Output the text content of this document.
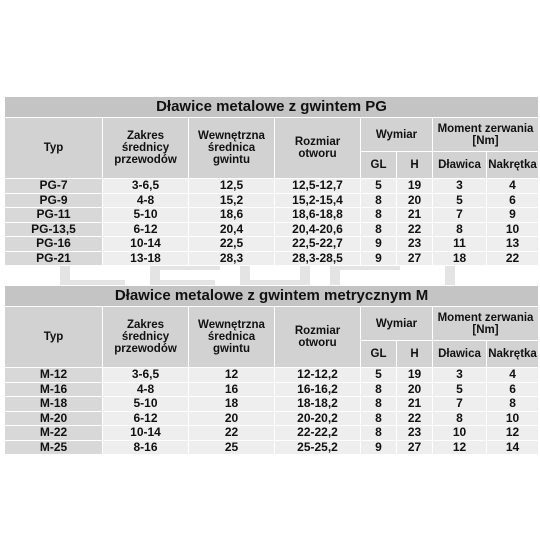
Dławice metalowe z gwintem PG							
Typ	Zakres
średnicy
przewodów	Wewnętrzna
średnica
gwintu	Rozmiar
otworu	Wymiar		Moment zerwania
[Nm]	
				GL	H	Dławica	Nakrętka
PG-7	3-6,5	12,5	12,5-12,7	5	19	3	4
PG-9	4-8	15,2	15,2-15,4	8	20	5	6
PG-11	5-10	18,6	18,6-18,8	8	21	7	9
PG-13,5	6-12	20,4	20,4-20,6	8	22	8	10
PG-16	10-14	22,5	22,5-22,7	9	23	11	13
PG-21	13-18	28,3	28,3-28,5	9	27	18	22
Dławice metalowe z gwintem metrycznym M							
Typ	Zakres
średnicy
przewodów	Wewnętrzna
średnica
gwintu	Rozmiar
otworu	Wymiar		Moment zerwania
[Nm]	
				GL	H	Dławica	Nakrętka
M-12	3-6,5	12	12-12,2	5	19	3	4
M-16	4-8	16	16-16,2	8	20	5	6
M-18	5-10	18	18-18,2	8	21	7	8
M-20	6-12	20	20-20,2	8	22	8	10
M-22	10-14	22	22-22,2	8	23	10	12
M-25	8-16	25	25-25,2	9	27	12	14
